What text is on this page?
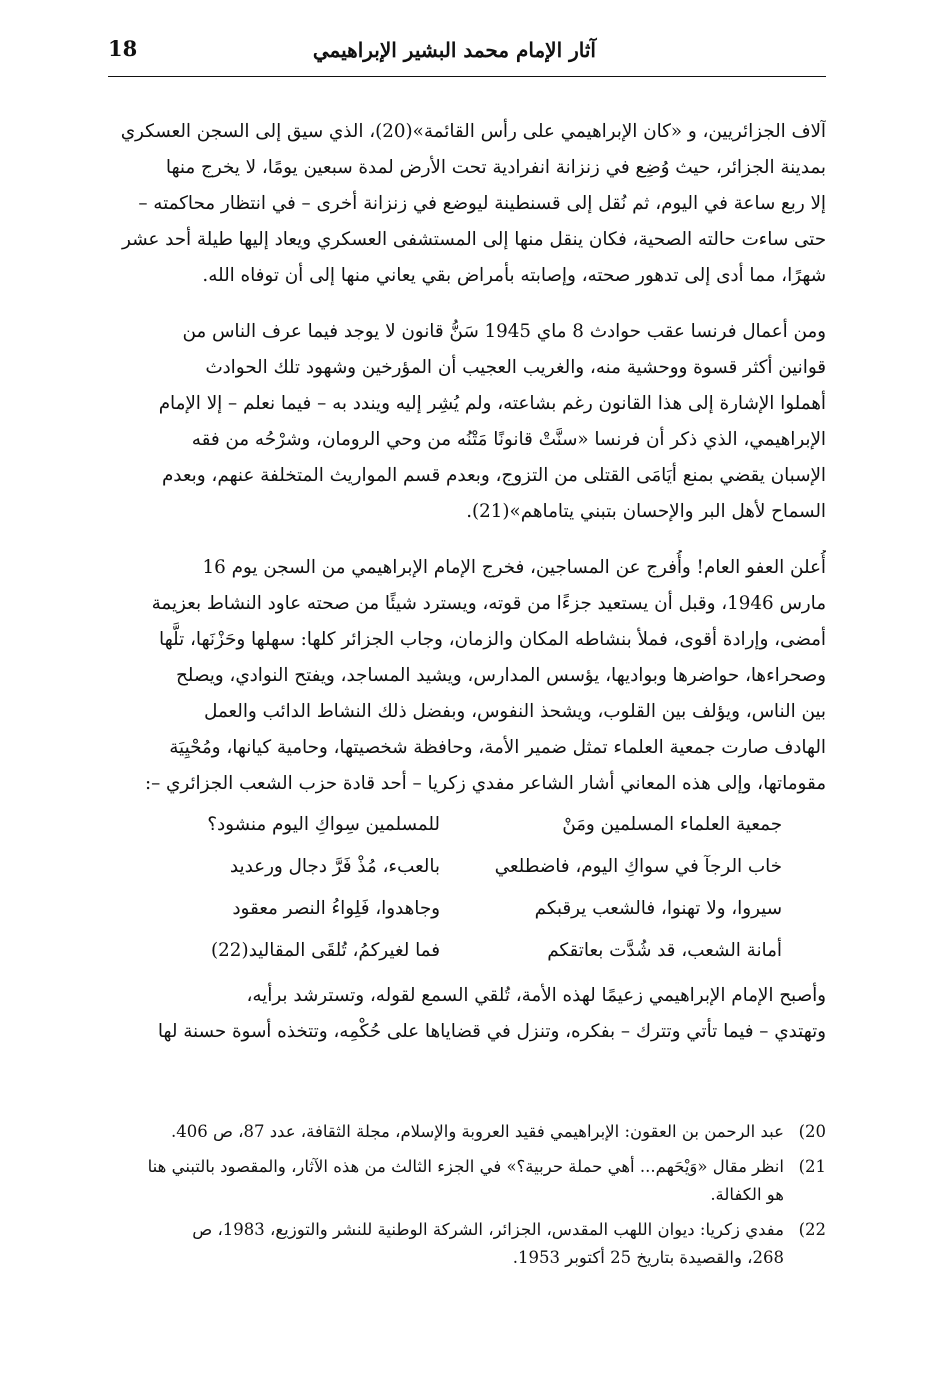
18	آثار الإمام محمد البشير الإبراهيمي
آلاف الجزائريين، و «كان الإبراهيمي على رأس القائمة»(20)، الذي سيق إلى السجن العسكري
بمدينة الجزائر، حيث وُضِع في زنزانة انفرادية تحت الأرض لمدة سبعين يومًا، لا يخرج منها
إلا ربع ساعة في اليوم، ثم نُقل إلى قسنطينة ليوضع في زنزانة أخرى – في انتظار محاكمته –
حتى ساءت حالته الصحية، فكان ينقل منها إلى المستشفى العسكري ويعاد إليها طيلة أحد عشر
شهرًا، مما أدى إلى تدهور صحته، وإصابته بأمراض بقي يعاني منها إلى أن توفاه الله.
ومن أعمال فرنسا عقب حوادث 8 ماي 1945 سَنُّ قانون لا يوجد فيما عرف الناس من
قوانين أكثر قسوة ووحشية منه، والغريب العجيب أن المؤرخين وشهود تلك الحوادث
أهملوا الإشارة إلى هذا القانون رغم بشاعته، ولم يُشِر إليه ويندد به – فيما نعلم – إلا الإمام
الإبراهيمي، الذي ذكر أن فرنسا «سنَّتْ قانونًا مَتْنُه من وحي الرومان، وشرْحُه من فقه
الإسبان يقضي بمنع أيَامَى القتلى من التزوج، وبعدم قسم المواريث المتخلفة عنهم، وبعدم
السماح لأهل البر والإحسان بتبني يتاماهم»(21).
أُعلن العفو العام! وأُفرج عن المساجين، فخرج الإمام الإبراهيمي من السجن يوم 16
مارس 1946، وقبل أن يستعيد جزءًا من قوته، ويسترد شيئًا من صحته عاود النشاط بعزيمة
أمضى، وإرادة أقوى، فملأ بنشاطه المكان والزمان، وجاب الجزائر كلها: سهلها وحَزْنَها، تلَّها
وصحراءها، حواضرها وبواديها، يؤسس المدارس، ويشيد المساجد، ويفتح النوادي، ويصلح
بين الناس، ويؤلف بين القلوب، ويشحذ النفوس، وبفضل ذلك النشاط الدائب والعمل
الهادف صارت جمعية العلماء تمثل ضمير الأمة، وحافظة شخصيتها، وحامية كيانها، ومُحْيِيَة
مقوماتها، وإلى هذه المعاني أشار الشاعر مفدي زكريا – أحد قادة حزب الشعب الجزائري –:
جمعية العلماء المسلمين ومَنْ
للمسلمين سِواكِ اليوم منشود؟
خاب الرجآ في سواكِ اليوم، فاضطلعي
بالعبء، مُذْ فَرَّ دجال ورعديد
سيروا، ولا تهنوا، فالشعب يرقبكم
وجاهدوا، فَلِواءُ النصر معقود
أمانة الشعب، قد شُدَّت بعاتقكم
فما لغيركمُ، تُلقَى المقاليد(22)
وأصبح الإمام الإبراهيمي زعيمًا لهذه الأمة، تُلقي السمع لقوله، وتسترشد برأيه،
وتهتدي – فيما تأتي وتترك – بفكره، وتنزل في قضاياها على حُكْمِه، وتتخذه أسوة حسنة لها
(20
عبد الرحمن بن العقون: الإبراهيمي فقيد العروبة والإسلام، مجلة الثقافة، عدد 87، ص 406.
(21
انظر مقال «وَيْحَهم... أهي حملة حربية؟» في الجزء الثالث من هذه الآثار، والمقصود بالتبني هنا
هو الكفالة.
(22
مفدي زكريا: ديوان اللهب المقدس، الجزائر، الشركة الوطنية للنشر والتوزيع، 1983، ص
268، والقصيدة بتاريخ 25 أكتوبر 1953.
